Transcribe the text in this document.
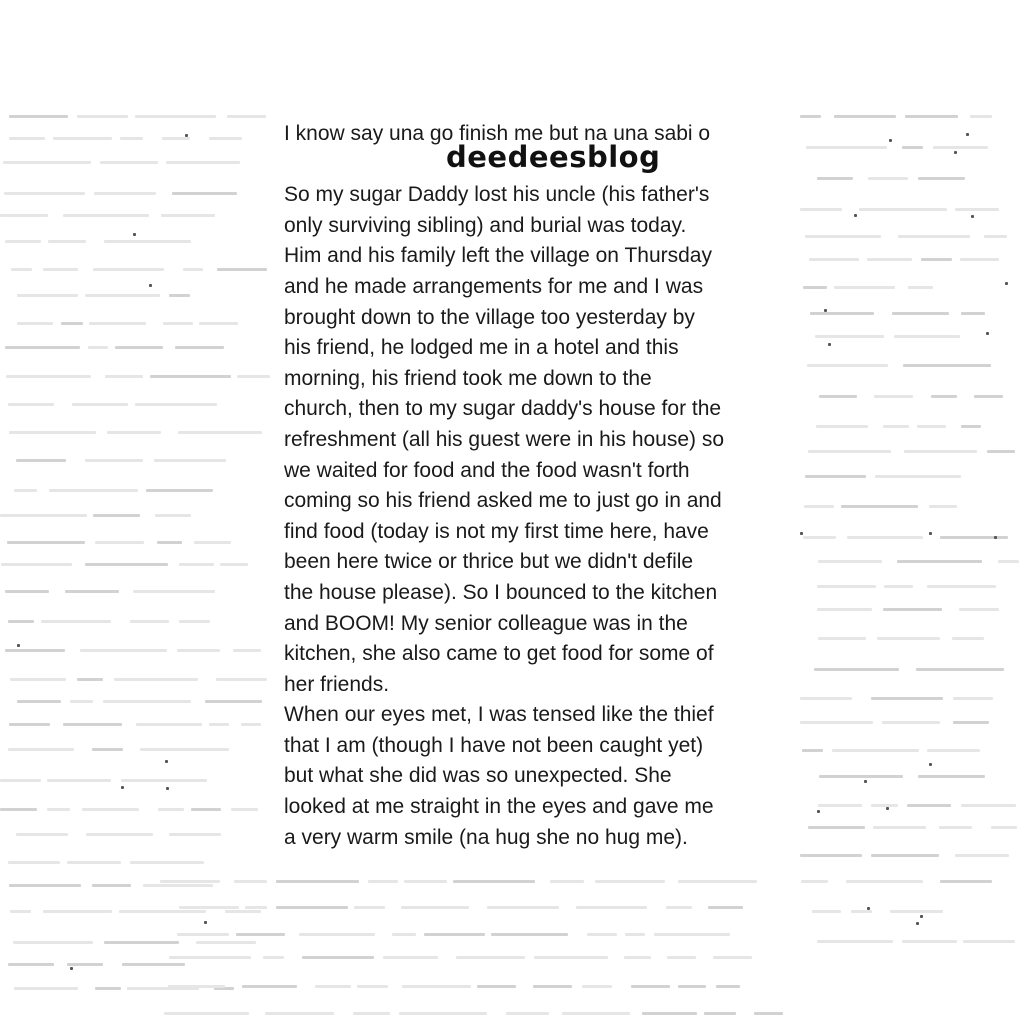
I know say una go finish me but na una sabi o

So my sugar Daddy lost his uncle (his father's
only surviving sibling) and burial was today.
Him and his family left the village on Thursday
and he made arrangements for me and I was
brought down to the village too yesterday by
his friend, he lodged me in a hotel and this
morning, his friend took me down to the
church, then to my sugar daddy's house for the
refreshment (all his guest were in his house) so
we waited for food and the food wasn't forth
coming so his friend asked me to just go in and
find food (today is not my first time here, have
been here twice or thrice but we didn't defile
the house please). So I bounced to the kitchen
and BOOM! My senior colleague was in the
kitchen, she also came to get food for some of
her friends.
When our eyes met, I was tensed like the thief
that I am (though I have not been caught yet)
but what she did was so unexpected. She
looked at me straight in the eyes and gave me
a very warm smile (na hug she no hug me).
deedeesblog
